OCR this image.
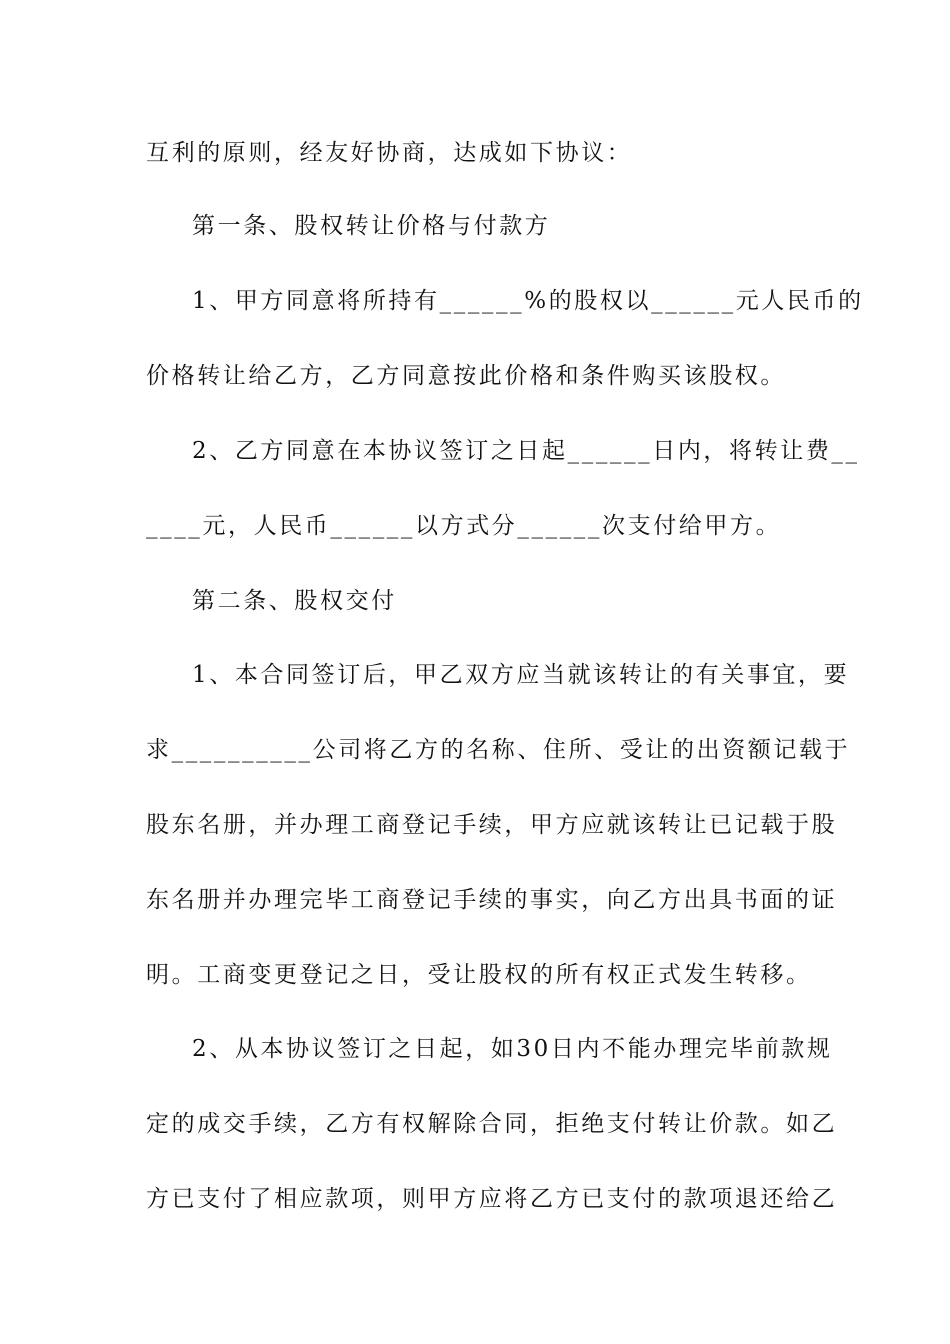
互利的原则，经友好协商，达成如下协议：
第一条、股权转让价格与付款方
1、甲方同意将所持有______%的股权以______元人民币的
价格转让给乙方，乙方同意按此价格和条件购买该股权。
2、乙方同意在本协议签订之日起______日内，将转让费__
____元，人民币______以方式分______次支付给甲方。
第二条、股权交付
1、本合同签订后，甲乙双方应当就该转让的有关事宜，要
求__________公司将乙方的名称、住所、受让的出资额记载于
股东名册，并办理工商登记手续，甲方应就该转让已记载于股
东名册并办理完毕工商登记手续的事实，向乙方出具书面的证
明。工商变更登记之日，受让股权的所有权正式发生转移。
2、从本协议签订之日起，如30日内不能办理完毕前款规
定的成交手续，乙方有权解除合同，拒绝支付转让价款。如乙
方已支付了相应款项，则甲方应将乙方已支付的款项退还给乙
